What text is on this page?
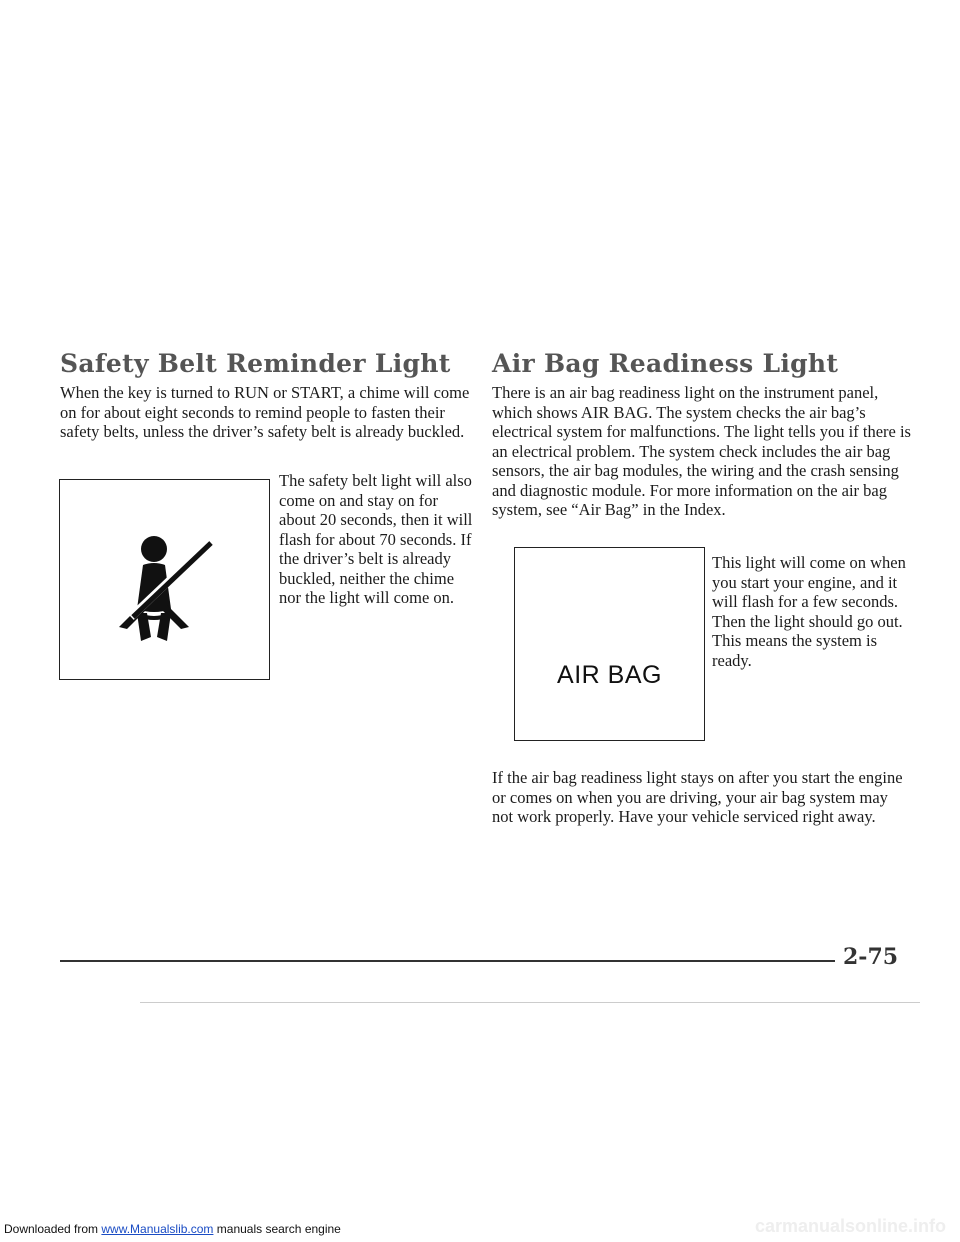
Safety Belt Reminder Light

When the key is turned to RUN or START, a chime will come on for about eight seconds to remind people to fasten their safety belts, unless the driver’s safety belt is already buckled.

The safety belt light will also come on and stay on for about 20 seconds, then it will flash for about 70 seconds. If the driver’s belt is already buckled, neither the chime nor the light will come on.

Air Bag Readiness Light

There is an air bag readiness light on the instrument panel, which shows AIR BAG. The system checks the air bag’s electrical system for malfunctions. The light tells you if there is an electrical problem. The system check includes the air bag sensors, the air bag modules, the wiring and the crash sensing and diagnostic module. For more information on the air bag system, see “Air Bag” in the Index.

AIR BAG

This light will come on when you start your engine, and it will flash for a few seconds. Then the light should go out. This means the system is ready.

If the air bag readiness light stays on after you start the engine or comes on when you are driving, your air bag system may not work properly. Have your vehicle serviced right away.

2-75
Downloaded from www.Manualslib.com manuals search engine	carmanualsonline.info
